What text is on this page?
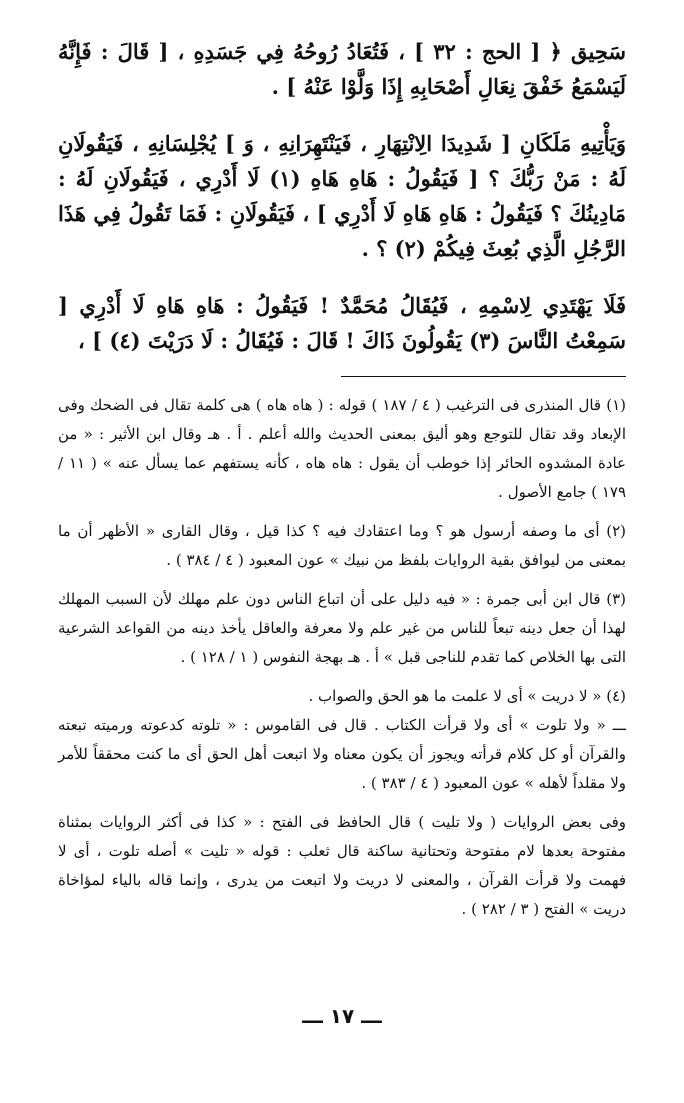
سَحِيق ﴿ [ الحج : ٣٢ ] ، فَتُعَادُ رُوحُهُ فِي جَسَدِهِ ، [ قَالَ : فَإِنَّهُ لَيَسْمَعُ خَفْقَ نِعَالِ أَصْحَابِهِ إِذَا وَلَّوْا عَنْهُ ] .

وَيَأْتِيهِ مَلَكَانِ [ شَدِيدَا الِانْتِهَارِ ، فَيَنْتَهِرَانِهِ ، وَ ] يُجْلِسَانِهِ ، فَيَقُولَانِ لَهُ : مَنْ رَبُّكَ ؟ [ فَيَقُولُ : هَاهِ هَاهِ (١) لَا أَدْرِي ، فَيَقُولَانِ لَهُ : مَادِينُكَ ؟ فَيَقُولُ : هَاهِ هَاهِ لَا أَدْرِي ] ، فَيَقُولَانِ : فَمَا تَقُولُ فِي هَذَا الرَّجُلِ الَّذِي بُعِثَ فِيكُمْ (٢) ؟ .

فَلَا يَهْتَدِي لِاسْمِهِ ، فَيُقَالُ مُحَمَّدٌ ! فَيَقُولُ : هَاهِ هَاهِ لَا أَدْرِي [ سَمِعْتُ النَّاسَ (٣) يَقُولُونَ ذَاكَ ! قَالَ : فَيُقَالُ : لَا دَرَيْتَ (٤) ] ،

(١) قال المنذرى فى الترغيب ( ٤ / ١٨٧ ) قوله : ( هاه هاه ) هى كلمة تقال فى الضحك وفى الإبعاد وقد تقال للتوجع وهو أليق بمعنى الحديث والله أعلم . أ . هـ وقال ابن الأثير : « من عادة المشدوه الحائر إذا خوطب أن يقول : هاه هاه ، كأنه يستفهم عما يسأل عنه » ( ١١ / ١٧٩ ) جامع الأصول .

(٢) أى ما وصفه أرسول هو ؟ وما اعتقادك فيه ؟ كذا قيل ، وقال القارى « الأظهر أن ما بمعنى من ليوافق بقية الروايات بلفظ من نبيك » عون المعبود ( ٤ / ٣٨٤ ) .

(٣) قال ابن أبى جمرة : « فيه دليل على أن اتباع الناس دون علم مهلك لأن السبب المهلك لهذا أن جعل دينه تبعاً للناس من غير علم ولا معرفة والعاقل يأخذ دينه من القواعد الشرعية التى بها الخلاص كما تقدم للناجى قبل » أ . هـ بهجة النفوس ( ١ / ١٢٨ ) .

(٤) « لا دريت » أى لا علمت ما هو الحق والصواب .

ـــ « ولا تلوت » أى ولا قرأت الكتاب . قال فى القاموس : « تلوته كدعوته ورميته تبعته والقرآن أو كل كلام قرأته ويجوز أن يكون معناه ولا اتبعت أهل الحق أى ما كنت محققاً للأمر ولا مقلداً لأهله » عون المعبود ( ٤ / ٣٨٣ ) .

وفى بعض الروايات ( ولا تليت ) قال الحافظ فى الفتح : « كذا فى أكثر الروايات بمثناة مفتوحة بعدها لام مفتوحة وتحتانية ساكنة قال ثعلب : قوله « تليت » أصله تلوت ، أى لا فهمت ولا قرأت القرآن ، والمعنى لا دريت ولا اتبعت من يدرى ، وإنما قاله بالياء لمؤاخاة دريت » الفتح ( ٣ / ٢٨٢ ) .

ـــ ١٧ ـــ
